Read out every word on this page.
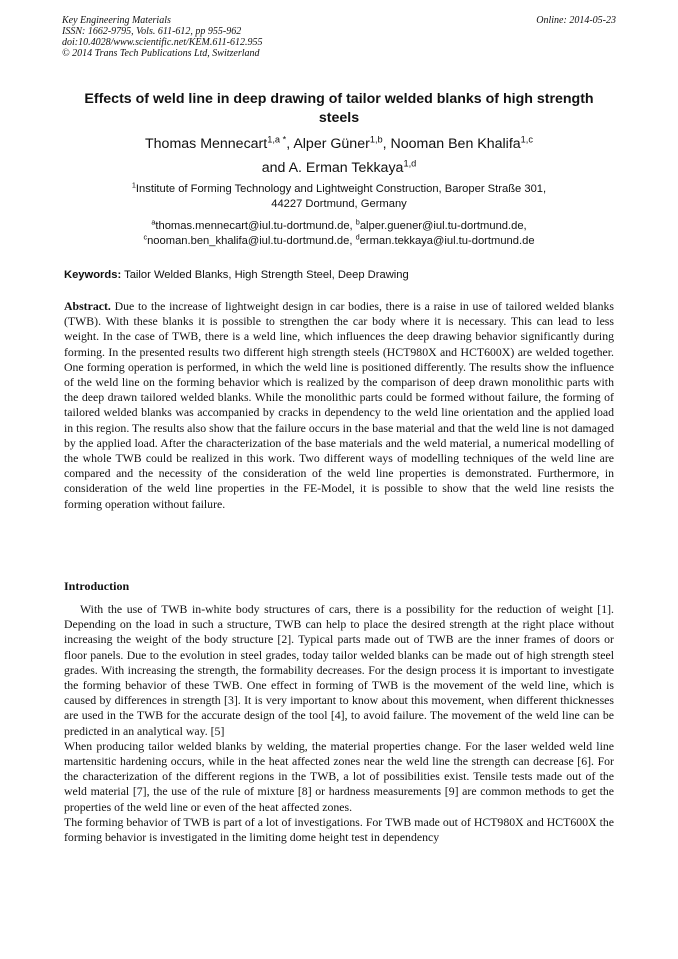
Key Engineering Materials
ISSN: 1662-9795, Vols. 611-612, pp 955-962
doi:10.4028/www.scientific.net/KEM.611-612.955
© 2014 Trans Tech Publications Ltd, Switzerland
Online: 2014-05-23
Effects of weld line in deep drawing of tailor welded blanks of high strength steels
Thomas Mennecart$^{1,a *}$, Alper Güner$^{1,b}$, Nooman Ben Khalifa$^{1,c}$
and A. Erman Tekkaya$^{1,d}$
$^1$Institute of Forming Technology and Lightweight Construction, Baroper Straße 301,
44227 Dortmund, Germany
$^a$thomas.mennecart@iul.tu-dortmund.de, $^b$alper.guener@iul.tu-dortmund.de,
$^c$nooman.ben_khalifa@iul.tu-dortmund.de, $^d$erman.tekkaya@iul.tu-dortmund.de
Keywords: Tailor Welded Blanks, High Strength Steel, Deep Drawing

Abstract. Due to the increase of lightweight design in car bodies, there is a raise in use of tailored welded blanks (TWB). With these blanks it is possible to strengthen the car body where it is necessary. This can lead to less weight. In the case of TWB, there is a weld line, which influences the deep drawing behavior significantly during forming. In the presented results two different high strength steels (HCT980X and HCT600X) are welded together. One forming operation is performed, in which the weld line is positioned differently. The results show the influence of the weld line on the forming behavior which is realized by the comparison of deep drawn monolithic parts with the deep drawn tailored welded blanks. While the monolithic parts could be formed without failure, the forming of tailored welded blanks was accompanied by cracks in dependency to the weld line orientation and the applied load in this region. The results also show that the failure occurs in the base material and that the weld line is not damaged by the applied load. After the characterization of the base materials and the weld material, a numerical modelling of the whole TWB could be realized in this work. Two different ways of modelling techniques of the weld line are compared and the necessity of the consideration of the weld line properties is demonstrated. Furthermore, in consideration of the weld line properties in the FE-Model, it is possible to show that the weld line resists the forming operation without failure.

Introduction

With the use of TWB in-white body structures of cars, there is a possibility for the reduction of weight [1]. Depending on the load in such a structure, TWB can help to place the desired strength at the right place without increasing the weight of the body structure [2]. Typical parts made out of TWB are the inner frames of doors or floor panels. Due to the evolution in steel grades, today tailor welded blanks can be made out of high strength steel grades. With increasing the strength, the formability decreases. For the design process it is important to investigate the forming behavior of these TWB. One effect in forming of TWB is the movement of the weld line, which is caused by differences in strength [3]. It is very important to know about this movement, when different thicknesses are used in the TWB for the accurate design of the tool [4], to avoid failure. The movement of the weld line can be predicted in an analytical way. [5]

When producing tailor welded blanks by welding, the material properties change. For the laser welded weld line martensitic hardening occurs, while in the heat affected zones near the weld line the strength can decrease [6]. For the characterization of the different regions in the TWB, a lot of possibilities exist. Tensile tests made out of the weld material [7], the use of the rule of mixture [8] or hardness measurements [9] are common methods to get the properties of the weld line or even of the heat affected zones.

The forming behavior of TWB is part of a lot of investigations. For TWB made out of HCT980X and HCT600X the forming behavior is investigated in the limiting dome height test in dependency
